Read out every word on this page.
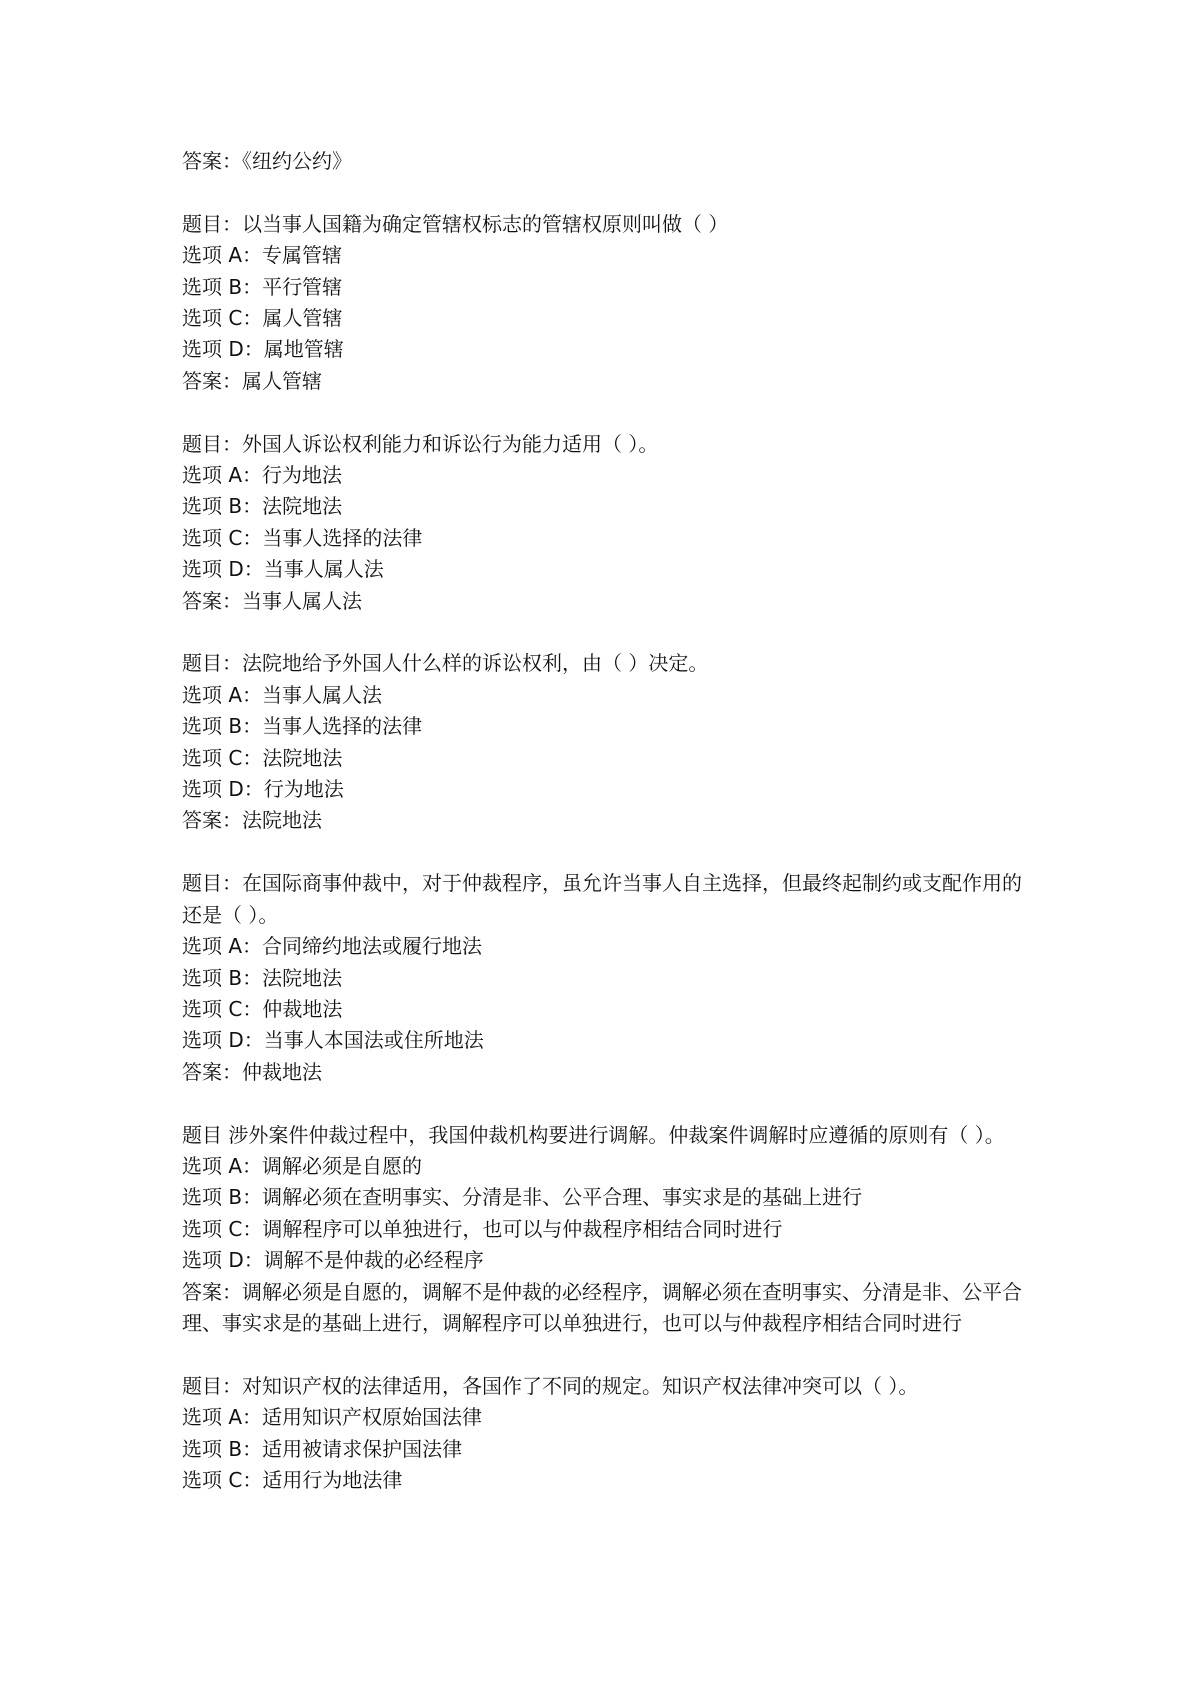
答案：《纽约公约》

题目：以当事人国籍为确定管辖权标志的管辖权原则叫做（ ）

选项 A：专属管辖

选项 B：平行管辖

选项 C：属人管辖

选项 D：属地管辖

答案：属人管辖

题目：外国人诉讼权利能力和诉讼行为能力适用（ ）。

选项 A：行为地法

选项 B：法院地法

选项 C：当事人选择的法律

选项 D：当事人属人法

答案：当事人属人法

题目：法院地给予外国人什么样的诉讼权利，由（ ）决定。

选项 A：当事人属人法

选项 B：当事人选择的法律

选项 C：法院地法

选项 D：行为地法

答案：法院地法

题目：在国际商事仲裁中，对于仲裁程序，虽允许当事人自主选择，但最终起制约或支配作用的还是（ ）。

选项 A：合同缔约地法或履行地法

选项 B：法院地法

选项 C：仲裁地法

选项 D：当事人本国法或住所地法

答案：仲裁地法

题目 涉外案件仲裁过程中，我国仲裁机构要进行调解。仲裁案件调解时应遵循的原则有（ ）。

选项 A：调解必须是自愿的

选项 B：调解必须在查明事实、分清是非、公平合理、事实求是的基础上进行

选项 C：调解程序可以单独进行，也可以与仲裁程序相结合同时进行

选项 D：调解不是仲裁的必经程序

答案：调解必须是自愿的，调解不是仲裁的必经程序，调解必须在查明事实、分清是非、公平合理、事实求是的基础上进行，调解程序可以单独进行，也可以与仲裁程序相结合同时进行

题目：对知识产权的法律适用，各国作了不同的规定。知识产权法律冲突可以（ ）。

选项 A：适用知识产权原始国法律

选项 B：适用被请求保护国法律

选项 C：适用行为地法律
